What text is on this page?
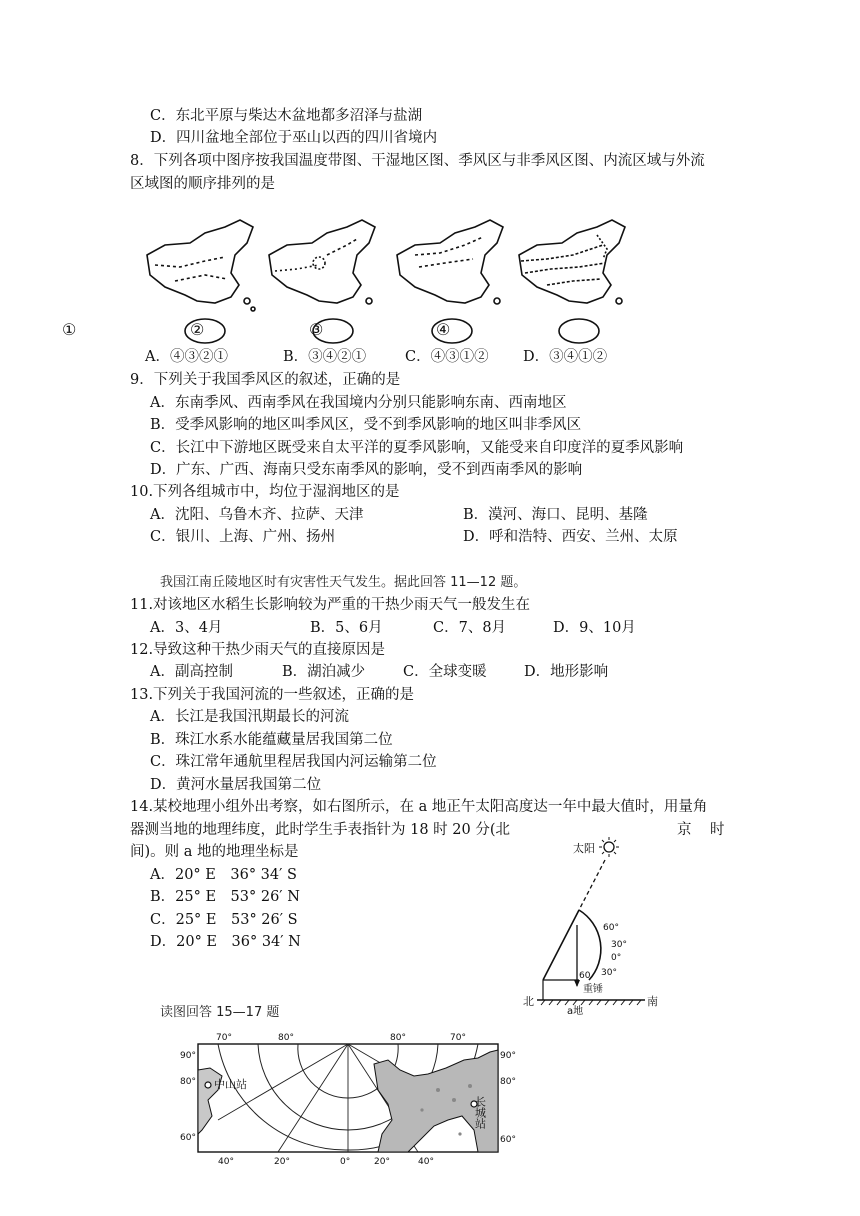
C．东北平原与柴达木盆地都多沼泽与盐湖
D．四川盆地全部位于巫山以西的四川省境内
8．下列各项中图序按我国温度带图、干湿地区图、季风区与非季风区图、内流区域与外流
区域图的顺序排列的是
①	②	③	④
A．④③②①	B．③④②①	C．④③①② D．③④①②
9．下列关于我国季风区的叙述，正确的是
A．东南季风、西南季风在我国境内分别只能影响东南、西南地区
B．受季风影响的地区叫季风区，受不到季风影响的地区叫非季风区
C．长江中下游地区既受来自太平洋的夏季风影响，又能受来自印度洋的夏季风影响
D．广东、广西、海南只受东南季风的影响，受不到西南季风的影响
10.下列各组城市中，均位于湿润地区的是
A．沈阳、乌鲁木齐、拉萨、天津	B．漠河、海口、昆明、基隆
C．银川、上海、广州、扬州	D．呼和浩特、西安、兰州、太原
我国江南丘陵地区时有灾害性天气发生。据此回答 11—12 题。
11.对该地区水稻生长影响较为严重的干热少雨天气一般发生在
A．3、4月	B．5、6月	C．7、8月	D．9、10月
12.导致这种干热少雨天气的直接原因是
A．副高控制	B．湖泊减少	C．全球变暖	D．地形影响
13.下列关于我国河流的一些叙述，正确的是
A．长江是我国汛期最长的河流
B．珠江水系水能蕴藏量居我国第二位
C．珠江常年通航里程居我国内河运输第二位
D．黄河水量居我国第二位
14.某校地理小组外出考察，如右图所示，在 a 地正午太阳高度达一年中最大值时，用量角
器测当地的地理纬度，此时学生手表指针为 18 时 20 分(北	京 时
间)。则 a 地的地理坐标是
A．20° E　36° 34′ S
B．25° E　53° 26′ N
C．25° E　53° 26′ S
D．20° E　36° 34′ N
太阳
60°
30°
0°
30°
60
重锤
北	南
a地
读图回答 15—17 题
中山站
长城站
70°	80°	80°	70°
90°
80°
60°
90°
80°
60°
40°	20°	0°	20°	40°
